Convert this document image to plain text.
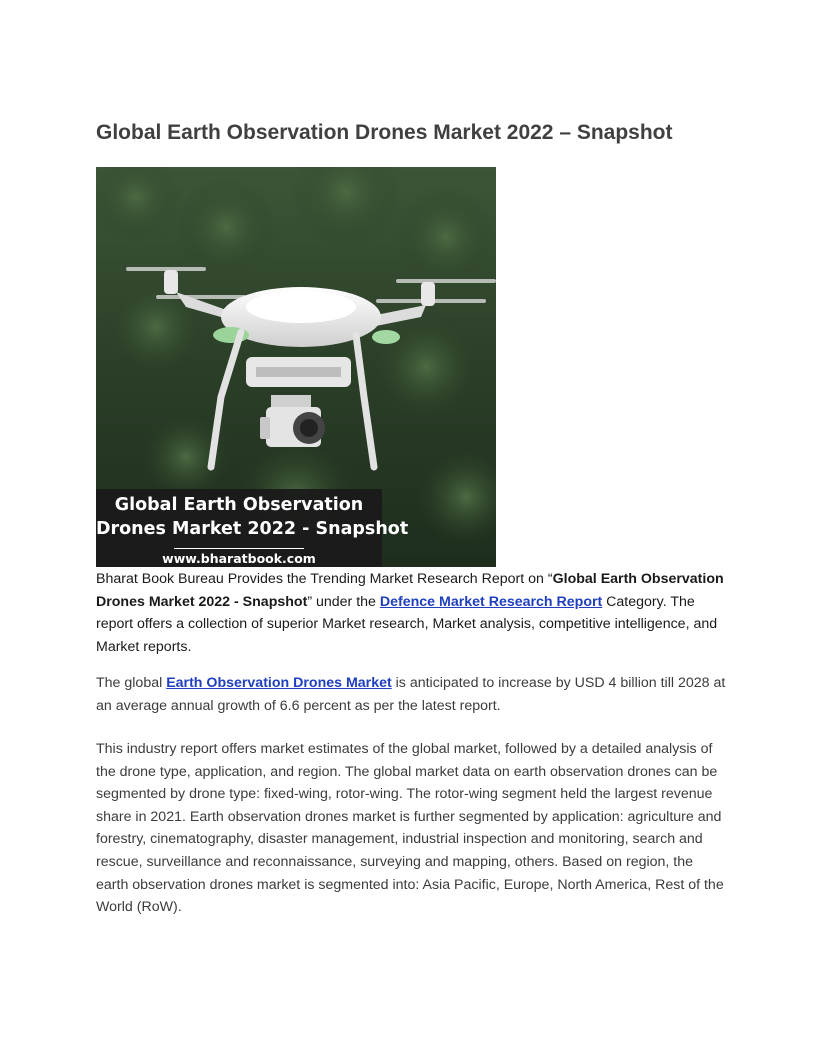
Global Earth Observation Drones Market 2022 – Snapshot
Global Earth Observation
Drones Market 2022 - Snapshot
www.bharatbook.com

Bharat Book Bureau Provides the Trending Market Research Report on “Global Earth Observation Drones Market 2022 - Snapshot” under the Defence Market Research Report Category. The report offers a collection of superior Market research, Market analysis, competitive intelligence, and Market reports.

The global Earth Observation Drones Market is anticipated to increase by USD 4 billion till 2028 at an average annual growth of 6.6 percent as per the latest report.

This industry report offers market estimates of the global market, followed by a detailed analysis of the drone type, application, and region. The global market data on earth observation drones can be segmented by drone type: fixed-wing, rotor-wing. The rotor-wing segment held the largest revenue share in 2021. Earth observation drones market is further segmented by application: agriculture and forestry, cinematography, disaster management, industrial inspection and monitoring, search and rescue, surveillance and reconnaissance, surveying and mapping, others. Based on region, the earth observation drones market is segmented into: Asia Pacific, Europe, North America, Rest of the World (RoW).
